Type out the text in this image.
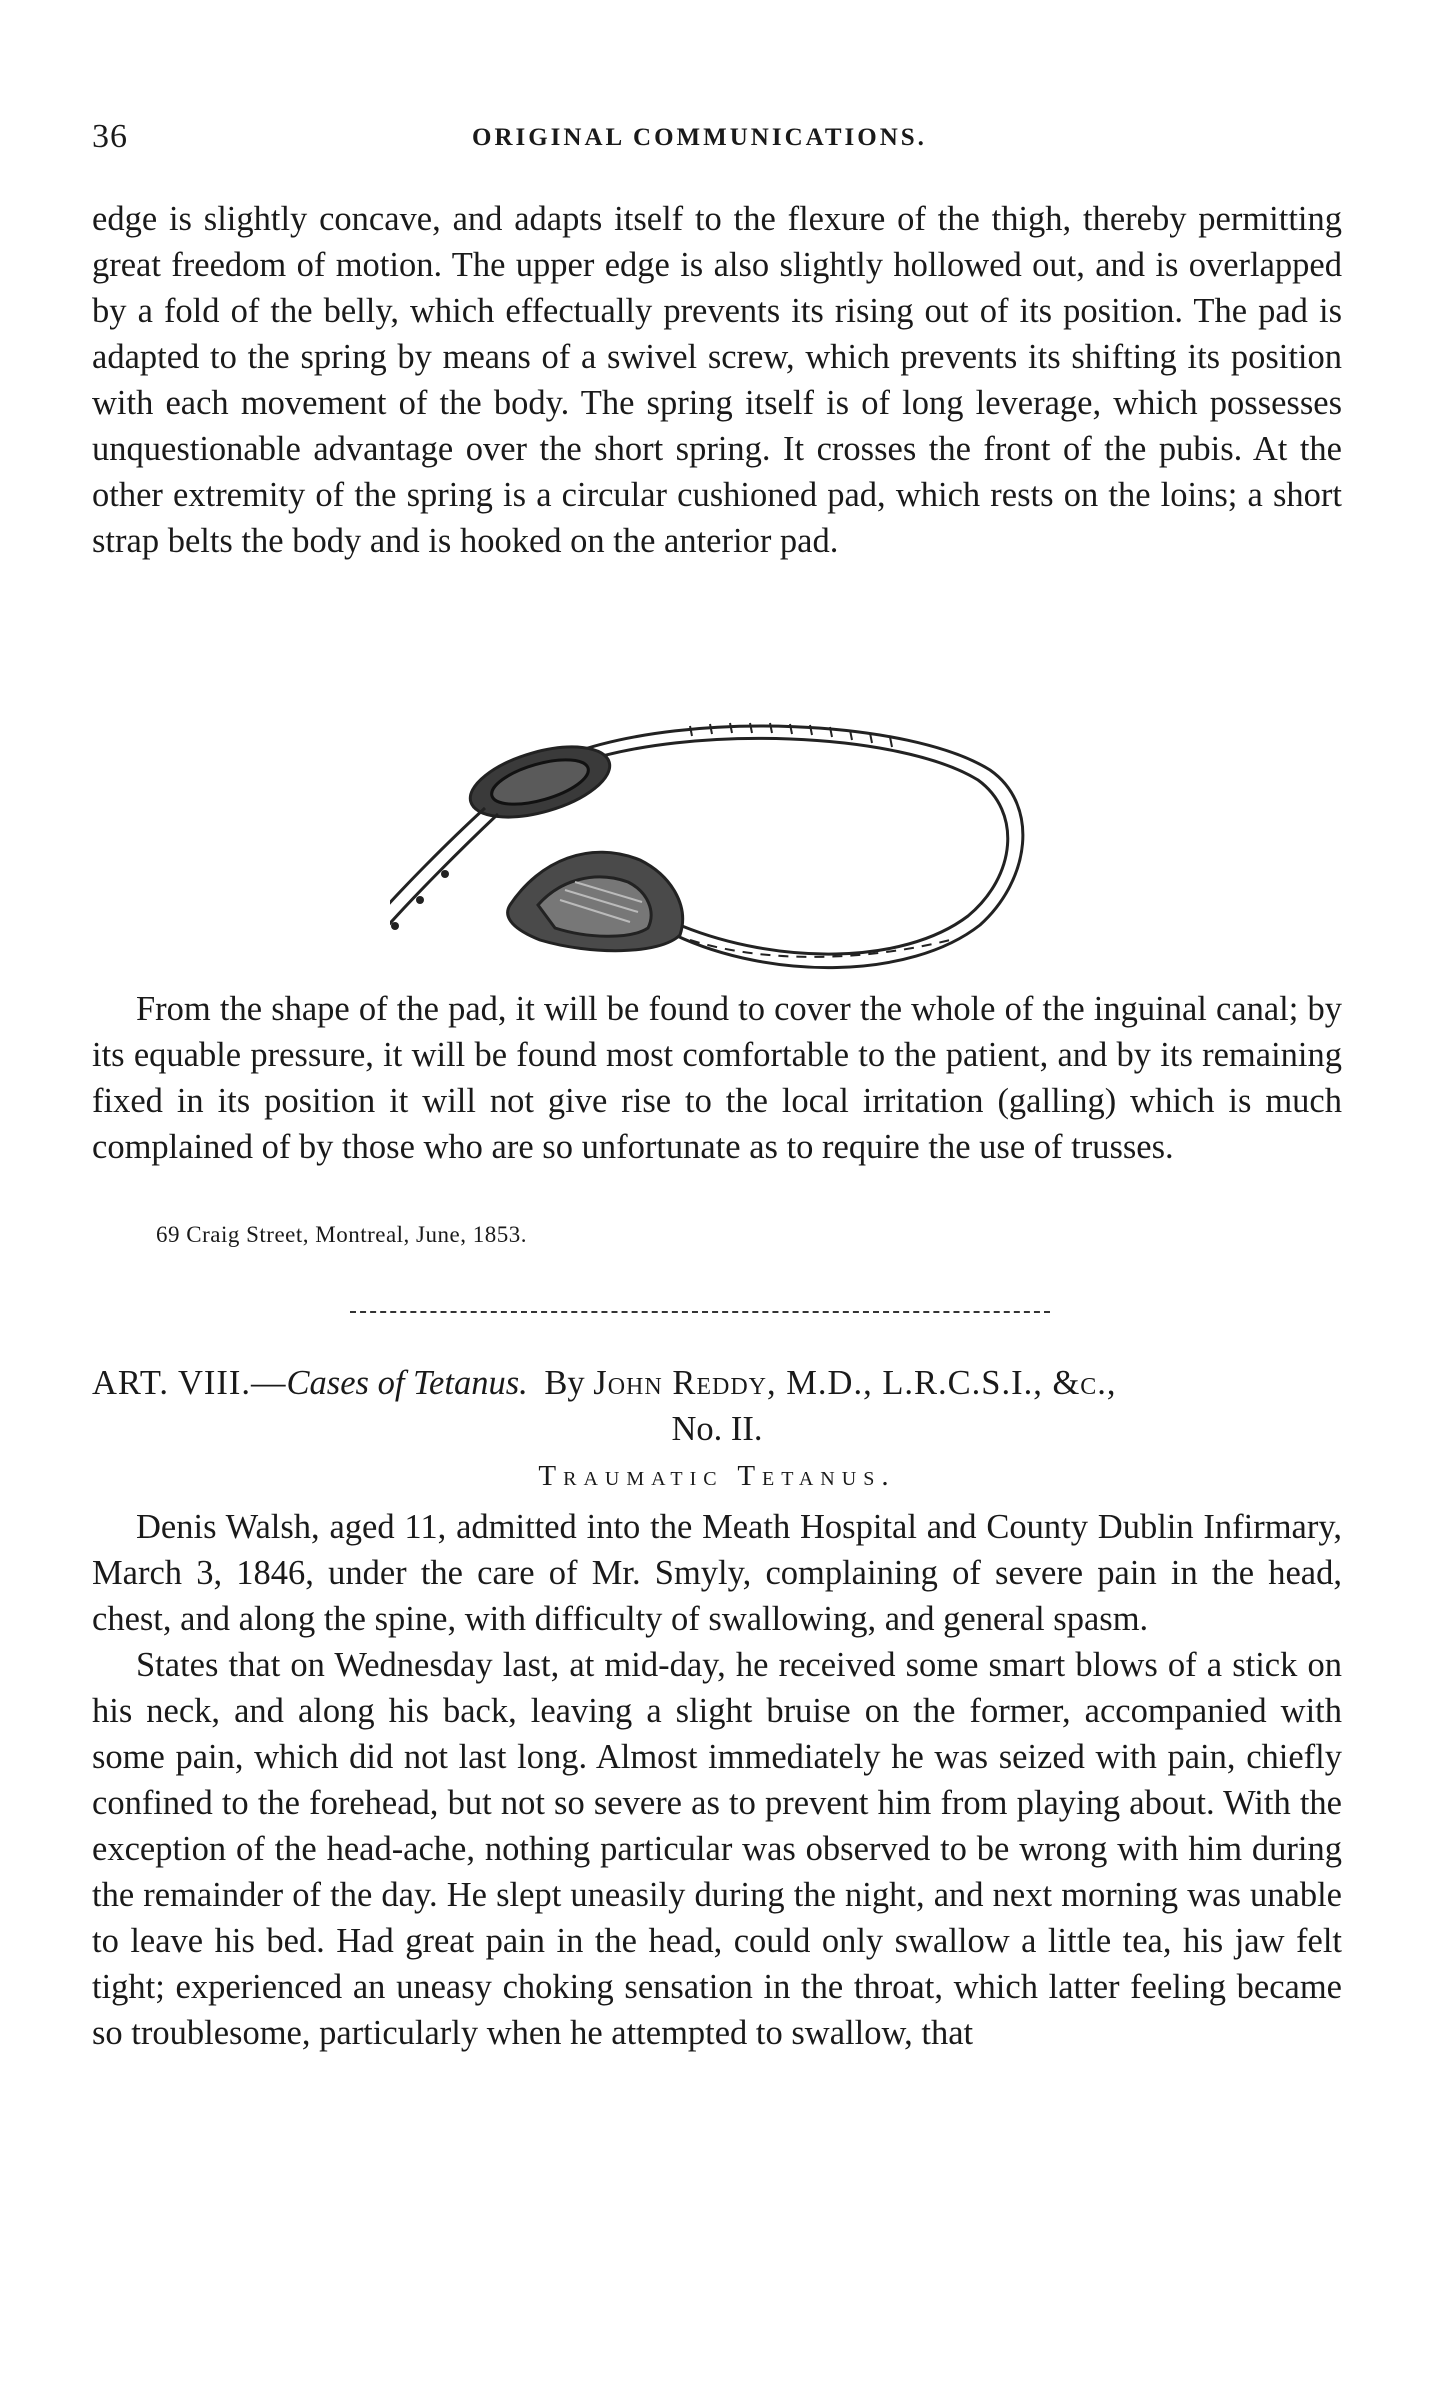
36	ORIGINAL COMMUNICATIONS.

edge is slightly concave, and adapts itself to the flexure of the thigh, thereby permitting great freedom of motion. The upper edge is also slightly hollowed out, and is overlapped by a fold of the belly, which effectually prevents its rising out of its position. The pad is adapted to the spring by means of a swivel screw, which prevents its shifting its position with each movement of the body. The spring itself is of long leverage, which possesses unquestionable advantage over the short spring. It crosses the front of the pubis. At the other extremity of the spring is a circular cushioned pad, which rests on the loins; a short strap belts the body and is hooked on the anterior pad.

From the shape of the pad, it will be found to cover the whole of the inguinal canal; by its equable pressure, it will be found most comfortable to the patient, and by its remaining fixed in its position it will not give rise to the local irritation (galling) which is much complained of by those who are so unfortunate as to require the use of trusses.

69 Craig Street, Montreal, June, 1853.
ART. VIII.—Cases of Tetanus. By John Reddy, M.D., L.R.C.S.I., &c.,
No. II.
Traumatic Tetanus.

Denis Walsh, aged 11, admitted into the Meath Hospital and County Dublin Infirmary, March 3, 1846, under the care of Mr. Smyly, complaining of severe pain in the head, chest, and along the spine, with difficulty of swallowing, and general spasm.

States that on Wednesday last, at mid-day, he received some smart blows of a stick on his neck, and along his back, leaving a slight bruise on the former, accompanied with some pain, which did not last long. Almost immediately he was seized with pain, chiefly confined to the forehead, but not so severe as to prevent him from playing about. With the exception of the head-ache, nothing particular was observed to be wrong with him during the remainder of the day. He slept uneasily during the night, and next morning was unable to leave his bed. Had great pain in the head, could only swallow a little tea, his jaw felt tight; experienced an uneasy choking sensation in the throat, which latter feeling became so troublesome, particularly when he attempted to swallow, that
